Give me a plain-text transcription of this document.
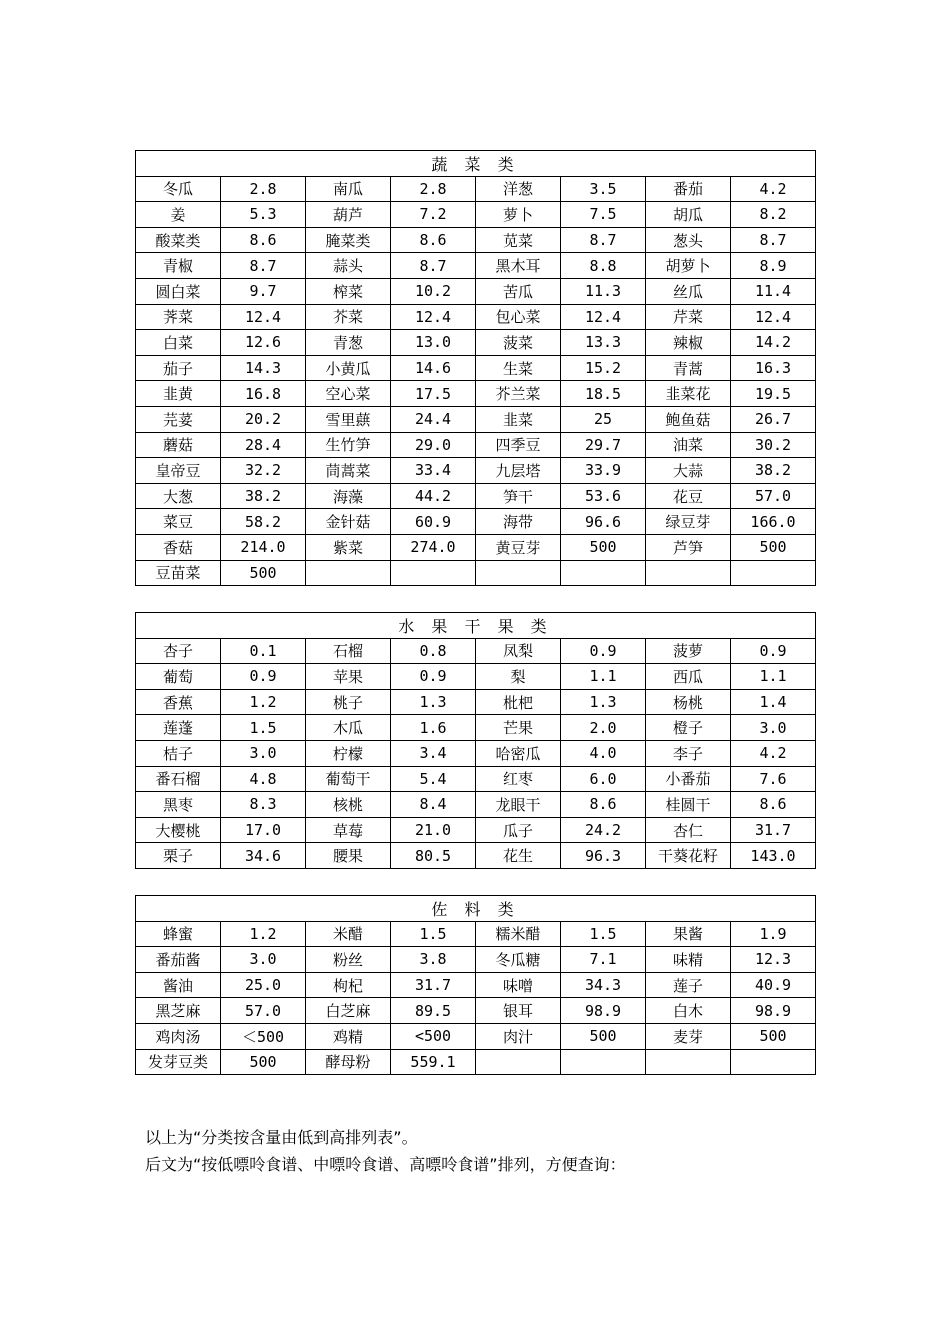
蔬 菜 类							
冬瓜	2.8	南瓜	2.8	洋葱	3.5	番茄	4.2
姜	5.3	葫芦	7.2	萝卜	7.5	胡瓜	8.2
酸菜类	8.6	腌菜类	8.6	苋菜	8.7	葱头	8.7
青椒	8.7	蒜头	8.7	黑木耳	8.8	胡萝卜	8.9
圆白菜	9.7	榨菜	10.2	苦瓜	11.3	丝瓜	11.4
荠菜	12.4	芥菜	12.4	包心菜	12.4	芹菜	12.4
白菜	12.6	青葱	13.0	菠菜	13.3	辣椒	14.2
茄子	14.3	小黄瓜	14.6	生菜	15.2	青蒿	16.3
韭黄	16.8	空心菜	17.5	芥兰菜	18.5	韭菜花	19.5
芫荽	20.2	雪里蕻	24.4	韭菜	25	鲍鱼菇	26.7
蘑菇	28.4	生竹笋	29.0	四季豆	29.7	油菜	30.2
皇帝豆	32.2	茼蒿菜	33.4	九层塔	33.9	大蒜	38.2
大葱	38.2	海藻	44.2	笋干	53.6	花豆	57.0
菜豆	58.2	金针菇	60.9	海带	96.6	绿豆芽	166.0
香菇	214.0	紫菜	274.0	黄豆芽	500	芦笋	500
豆苗菜	500						
水 果 干 果 类							
杏子	0.1	石榴	0.8	凤梨	0.9	菠萝	0.9
葡萄	0.9	苹果	0.9	梨	1.1	西瓜	1.1
香蕉	1.2	桃子	1.3	枇杷	1.3	杨桃	1.4
莲蓬	1.5	木瓜	1.6	芒果	2.0	橙子	3.0
桔子	3.0	柠檬	3.4	哈密瓜	4.0	李子	4.2
番石榴	4.8	葡萄干	5.4	红枣	6.0	小番茄	7.6
黑枣	8.3	核桃	8.4	龙眼干	8.6	桂圆干	8.6
大樱桃	17.0	草莓	21.0	瓜子	24.2	杏仁	31.7
栗子	34.6	腰果	80.5	花生	96.3	干葵花籽	143.0
佐 料 类							
蜂蜜	1.2	米醋	1.5	糯米醋	1.5	果酱	1.9
番茄酱	3.0	粉丝	3.8	冬瓜糖	7.1	味精	12.3
酱油	25.0	枸杞	31.7	味噌	34.3	莲子	40.9
黑芝麻	57.0	白芝麻	89.5	银耳	98.9	白木	98.9
鸡肉汤	＜500	鸡精	<500	肉汁	500	麦芽	500
发芽豆类	500	酵母粉	559.1				

以上为“分类按含量由低到高排列表”。

后文为“按低嘌呤食谱、中嘌呤食谱、高嘌呤食谱”排列，方便查询：
